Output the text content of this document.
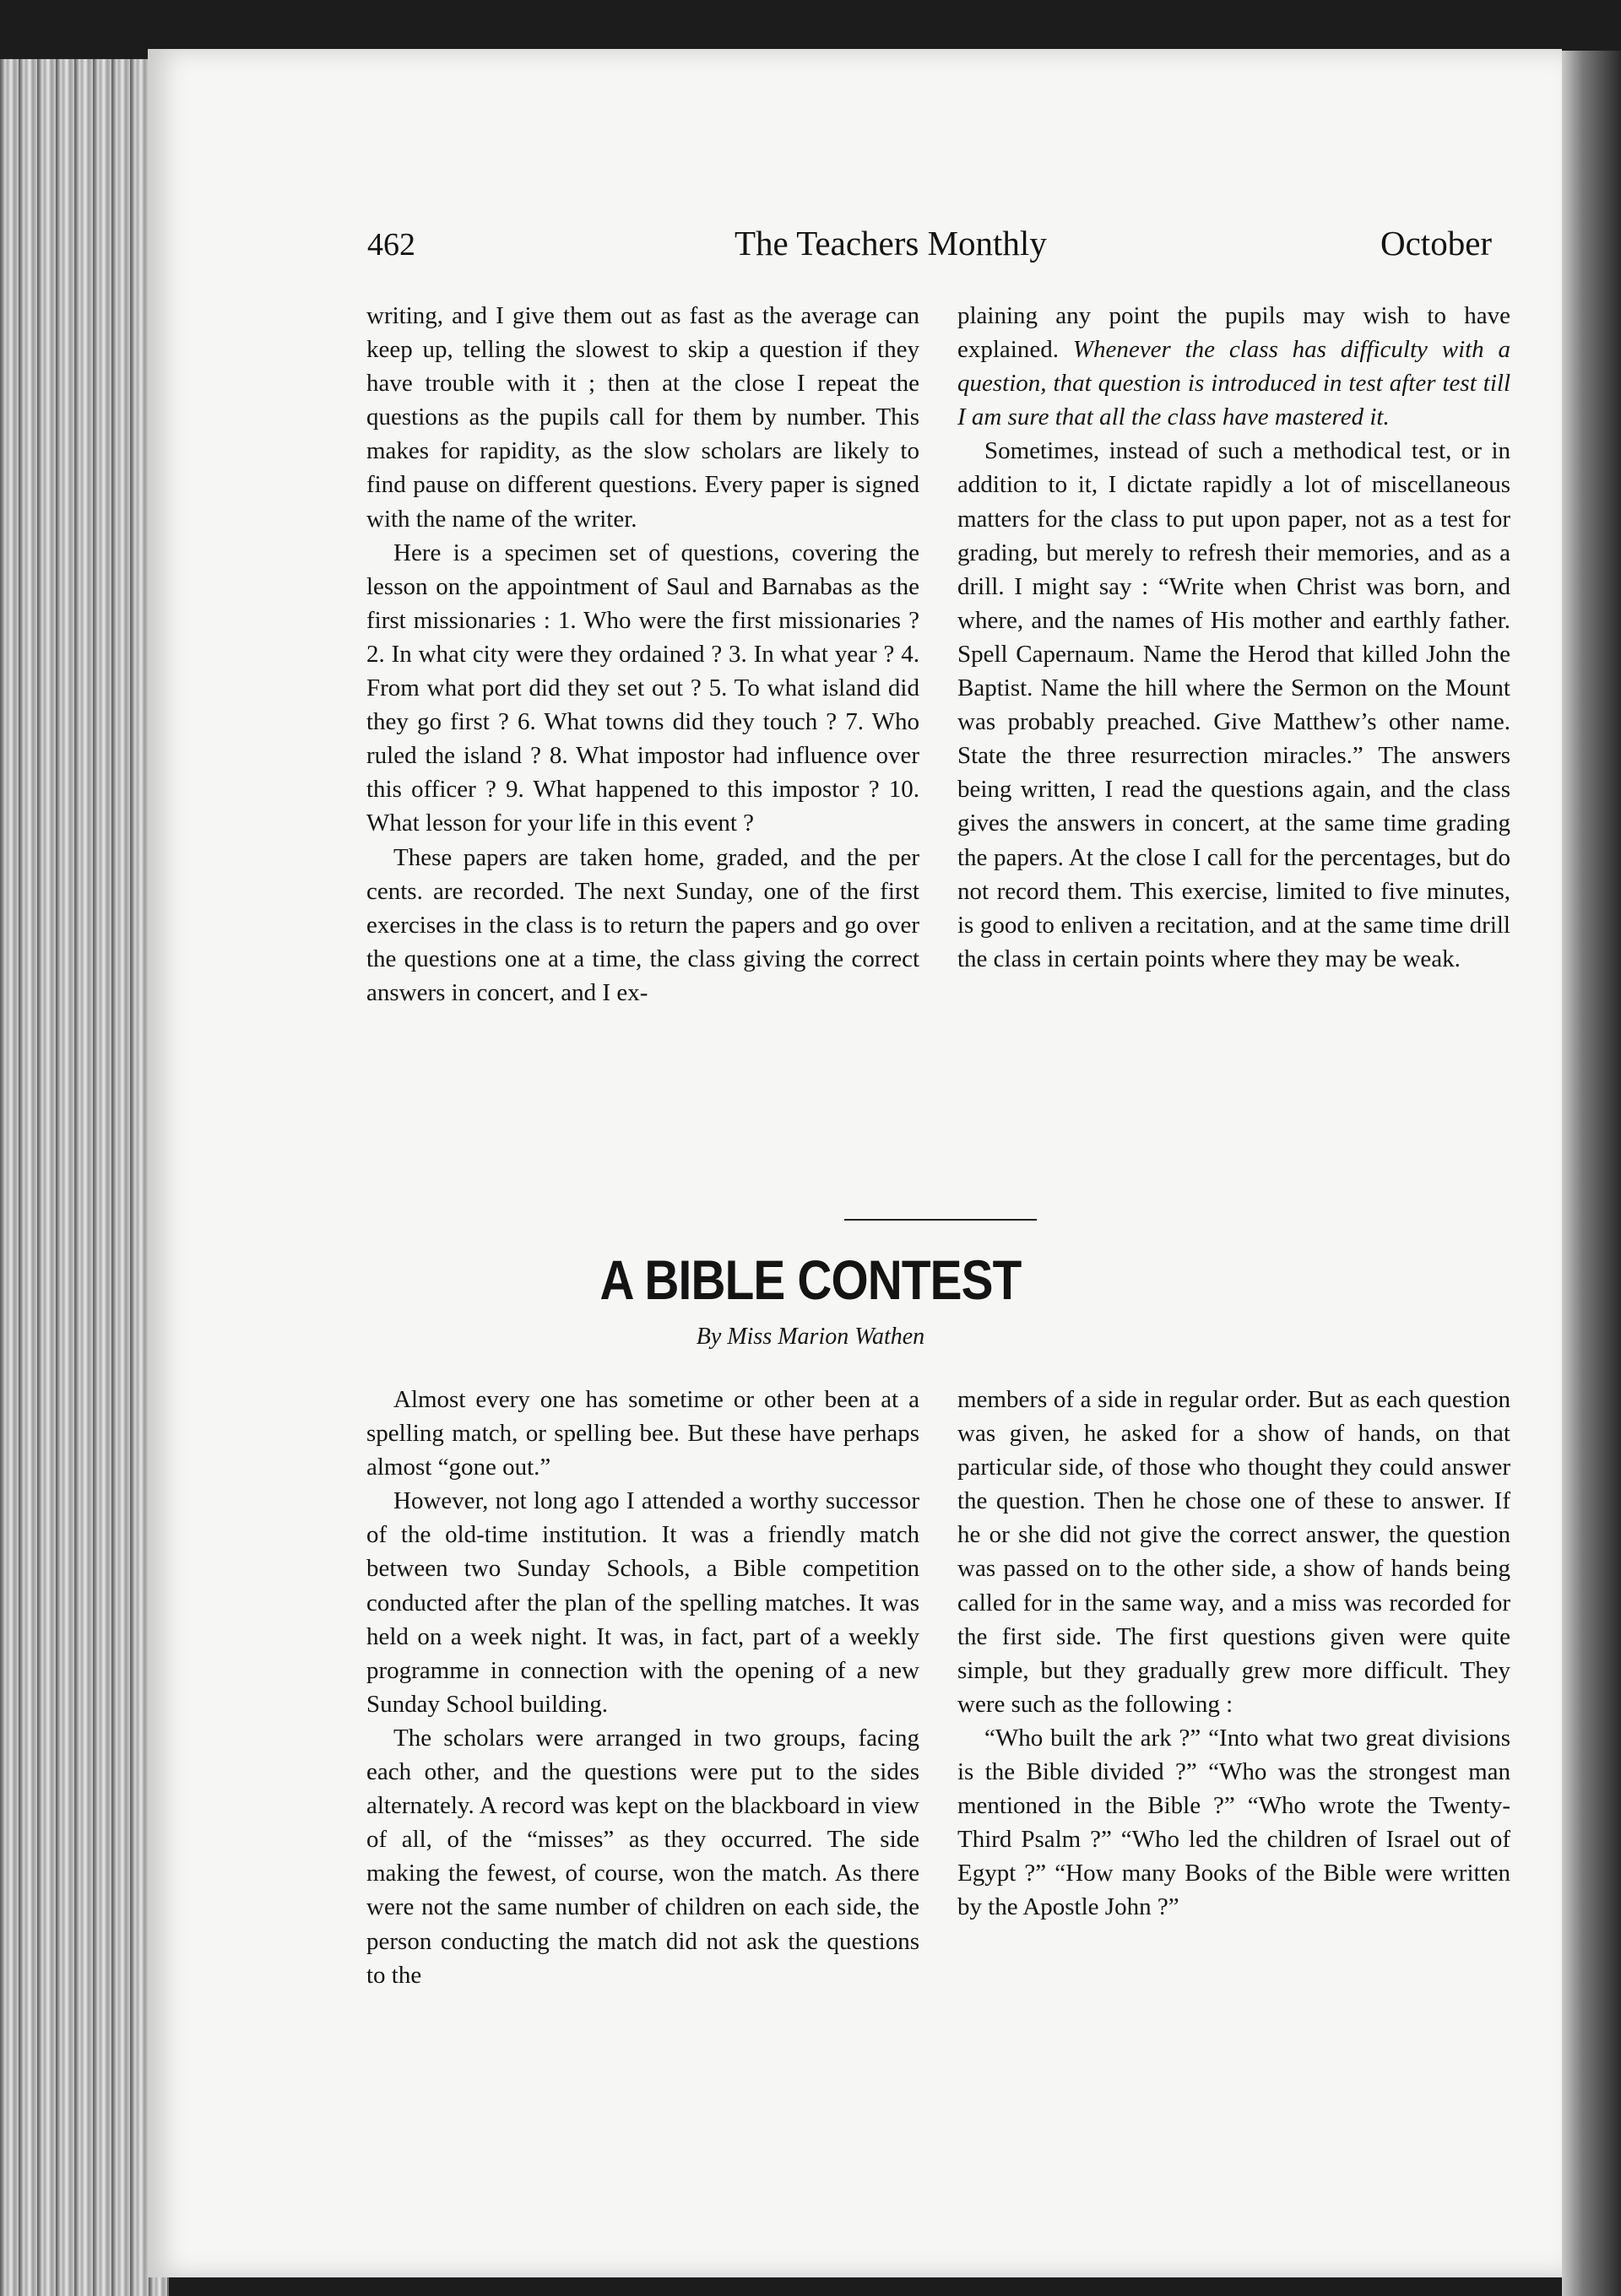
462	The Teachers Monthly	October

writing, and I give them out as fast as the average can keep up, telling the slowest to skip a question if they have trouble with it ; then at the close I repeat the questions as the pupils call for them by number. This makes for rapidity, as the slow scholars are likely to find pause on different questions. Every paper is signed with the name of the writer.

Here is a specimen set of questions, covering the lesson on the appointment of Saul and Barnabas as the first missionaries : 1. Who were the first missionaries ? 2. In what city were they ordained ? 3. In what year ? 4. From what port did they set out ? 5. To what island did they go first ? 6. What towns did they touch ? 7. Who ruled the island ? 8. What impostor had influence over this officer ? 9. What happened to this impostor ? 10. What lesson for your life in this event ?

These papers are taken home, graded, and the per cents. are recorded. The next Sunday, one of the first exercises in the class is to return the papers and go over the questions one at a time, the class giving the correct answers in concert, and I ex-

plaining any point the pupils may wish to have explained. Whenever the class has difficulty with a question, that question is introduced in test after test till I am sure that all the class have mastered it.

Sometimes, instead of such a methodical test, or in addition to it, I dictate rapidly a lot of miscellaneous matters for the class to put upon paper, not as a test for grading, but merely to refresh their memories, and as a drill. I might say : “Write when Christ was born, and where, and the names of His mother and earthly father. Spell Capernaum. Name the Herod that killed John the Baptist. Name the hill where the Sermon on the Mount was probably preached. Give Matthew’s other name. State the three resurrection miracles.” The answers being written, I read the questions again, and the class gives the answers in concert, at the same time grading the papers. At the close I call for the percentages, but do not record them. This exercise, limited to five minutes, is good to enliven a recitation, and at the same time drill the class in certain points where they may be weak.

A BIBLE CONTEST
By Miss Marion Wathen

Almost every one has sometime or other been at a spelling match, or spelling bee. But these have perhaps almost “gone out.”

However, not long ago I attended a worthy successor of the old-time institution. It was a friendly match between two Sunday Schools, a Bible competition conducted after the plan of the spelling matches. It was held on a week night. It was, in fact, part of a weekly programme in connection with the opening of a new Sunday School building.

The scholars were arranged in two groups, facing each other, and the questions were put to the sides alternately. A record was kept on the blackboard in view of all, of the “misses” as they occurred. The side making the fewest, of course, won the match. As there were not the same number of children on each side, the person conducting the match did not ask the questions to the

members of a side in regular order. But as each question was given, he asked for a show of hands, on that particular side, of those who thought they could answer the question. Then he chose one of these to answer. If he or she did not give the correct answer, the question was passed on to the other side, a show of hands being called for in the same way, and a miss was recorded for the first side. The first questions given were quite simple, but they gradually grew more difficult. They were such as the following :

“Who built the ark ?” “Into what two great divisions is the Bible divided ?” “Who was the strongest man mentioned in the Bible ?” “Who wrote the Twenty-Third Psalm ?” “Who led the children of Israel out of Egypt ?” “How many Books of the Bible were written by the Apostle John ?”
